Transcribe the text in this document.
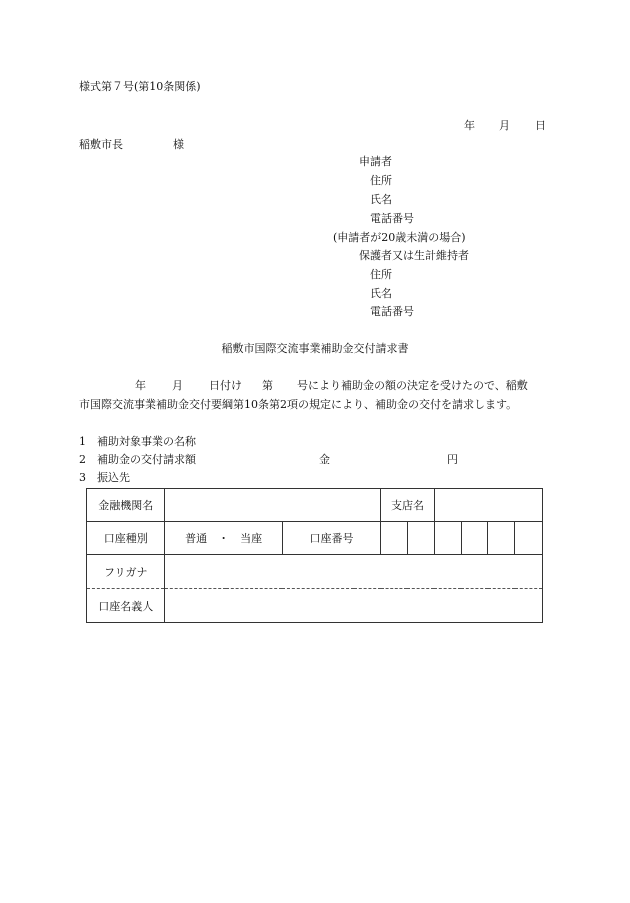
様式第７号(第10条関係)
年 月 日
稲敷市長	様
申請者
住所
氏名
電話番号
(申請者が20歳未満の場合)
保護者又は生計維持者
住所
氏名
電話番号
稲敷市国際交流事業補助金交付請求書
年 月 日付け 第 号により補助金の額の決定を受けたので、稲敷
市国際交流事業補助金交付要綱第10条第2項の規定により、補助金の交付を請求します。
1 補助対象事業の名称
2 補助金の交付請求額	金	円
3 振込先
金融機関名			支店名					
口座種別	普通　・　当座	口座番号						
フリガナ								
口座名義人								
